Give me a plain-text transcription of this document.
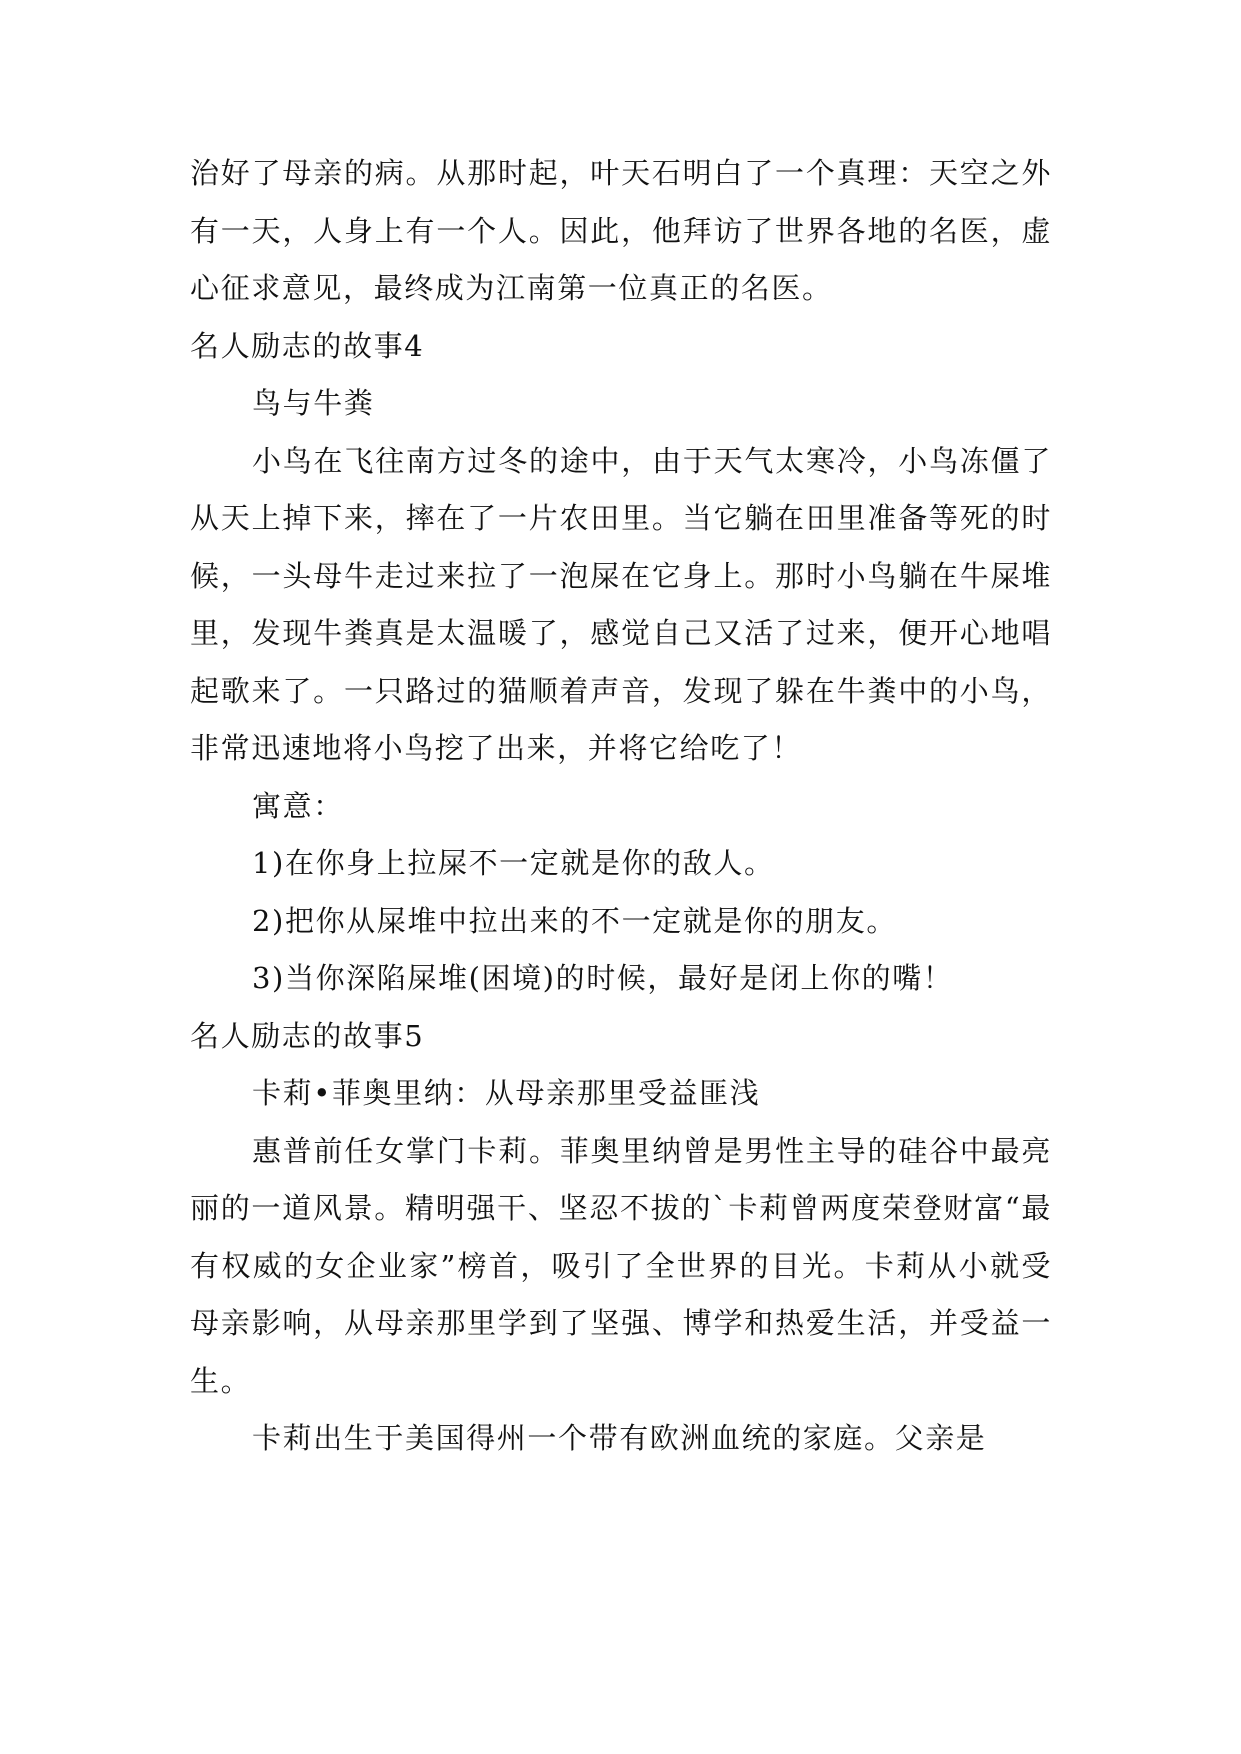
治好了母亲的病。从那时起，叶天石明白了一个真理：天空之外有一天，人身上有一个人。因此，他拜访了世界各地的名医，虚心征求意见，最终成为江南第一位真正的名医。

名人励志的故事4

鸟与牛粪

小鸟在飞往南方过冬的途中，由于天气太寒冷，小鸟冻僵了从天上掉下来，摔在了一片农田里。当它躺在田里准备等死的时候，一头母牛走过来拉了一泡屎在它身上。那时小鸟躺在牛屎堆里，发现牛粪真是太温暖了，感觉自己又活了过来，便开心地唱起歌来了。一只路过的猫顺着声音，发现了躲在牛粪中的小鸟，非常迅速地将小鸟挖了出来，并将它给吃了！

寓意：

1)在你身上拉屎不一定就是你的敌人。

2)把你从屎堆中拉出来的不一定就是你的朋友。

3)当你深陷屎堆(困境)的时候，最好是闭上你的嘴！

名人励志的故事5

卡莉•菲奥里纳：从母亲那里受益匪浅

惠普前任女掌门卡莉。菲奥里纳曾是男性主导的硅谷中最亮丽的一道风景。精明强干、坚忍不拔的`卡莉曾两度荣登财富“最有权威的女企业家”榜首，吸引了全世界的目光。卡莉从小就受母亲影响，从母亲那里学到了坚强、博学和热爱生活，并受益一生。

卡莉出生于美国得州一个带有欧洲血统的家庭。父亲是
